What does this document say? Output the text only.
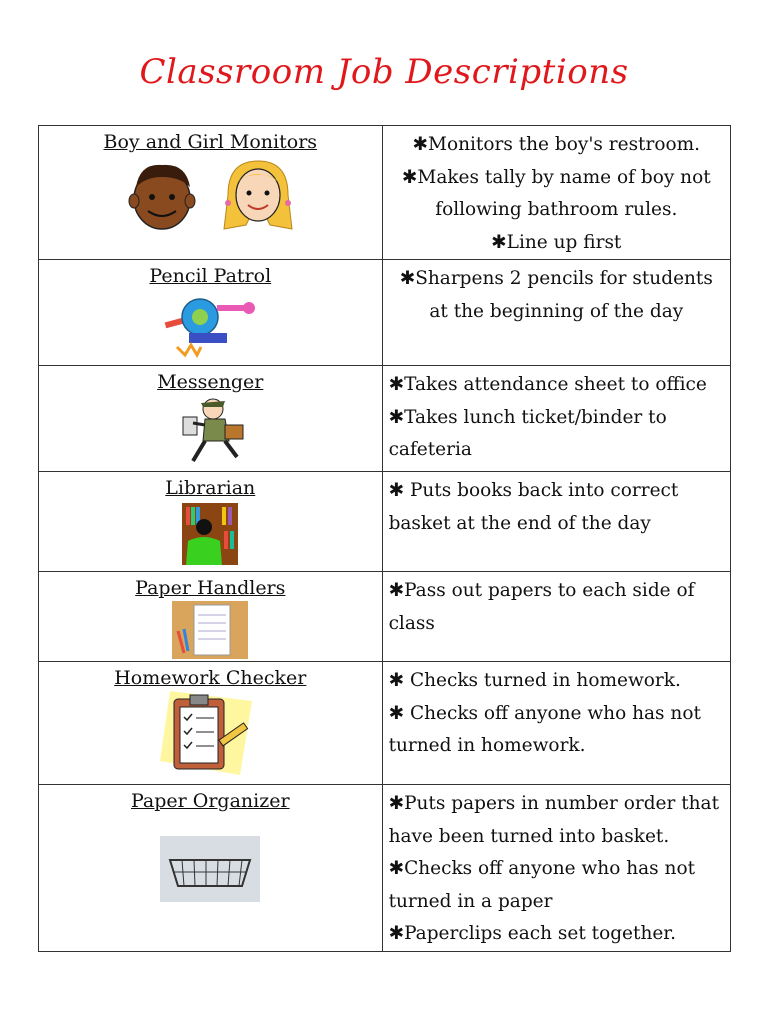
Classroom Job Descriptions
Boy and Girl Monitors	✱Monitors the boy's restroom.

✱Makes tally by name of boy not following bathroom rules.

✱Line up first

Pencil Patrol	✱Sharpens 2 pencils for students at the beginning of the day

Messenger	✱Takes attendance sheet to office

✱Takes lunch ticket/binder to cafeteria

Librarian	✱ Puts books back into correct basket at the end of the day

Paper Handlers	✱Pass out papers to each side of class

Homework Checker	✱ Checks turned in homework.

✱ Checks off anyone who has not turned in homework.

Paper Organizer	✱Puts papers in number order that have been turned into basket.

✱Checks off anyone who has not turned in a paper

✱Paperclips each set together.
